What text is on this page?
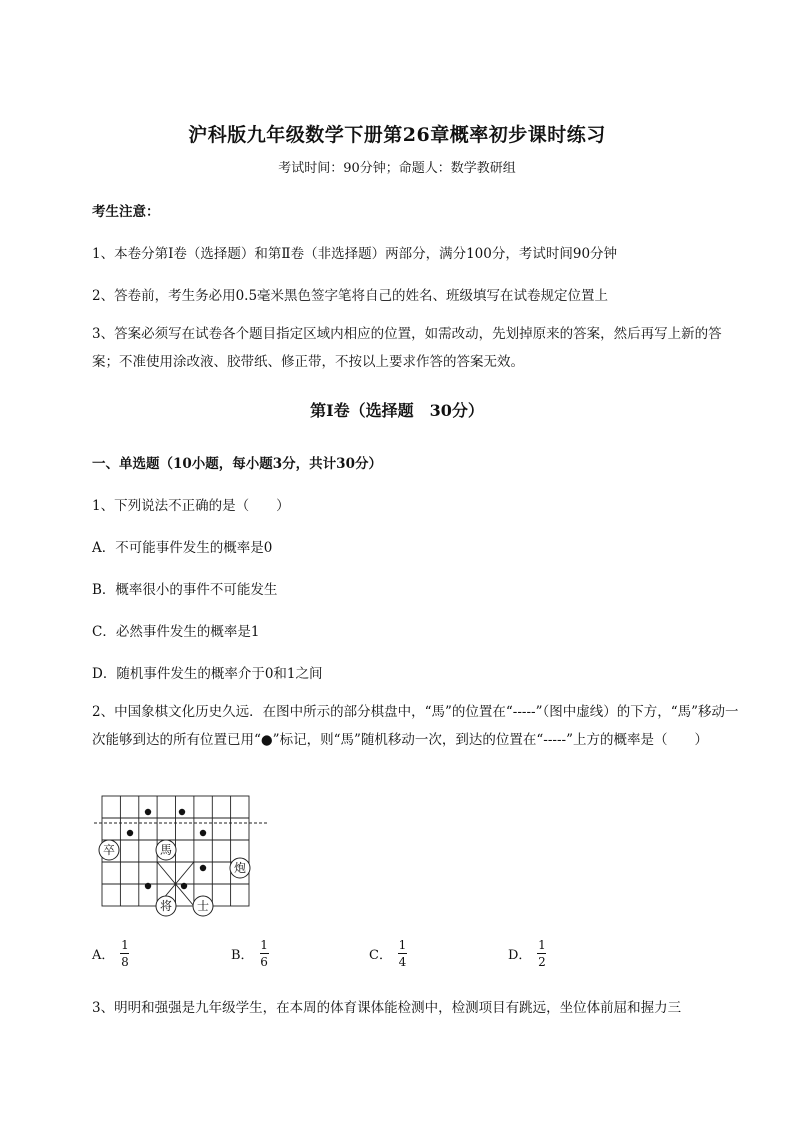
沪科版九年级数学下册第26章概率初步课时练习
考试时间：90分钟；命题人：数学教研组
考生注意：
1、本卷分第Ⅰ卷（选择题）和第Ⅱ卷（非选择题）两部分，满分100分，考试时间90分钟
2、答卷前，考生务必用0.5毫米黑色签字笔将自己的姓名、班级填写在试卷规定位置上
3、答案必须写在试卷各个题目指定区域内相应的位置，如需改动，先划掉原来的答案，然后再写上新的答案；不准使用涂改液、胶带纸、修正带，不按以上要求作答的答案无效。
第Ⅰ卷（选择题　30分）
一、单选题（10小题，每小题3分，共计30分）
1、下列说法不正确的是（　　）
A．不可能事件发生的概率是0
B．概率很小的事件不可能发生
C．必然事件发生的概率是1
D．随机事件发生的概率介于0和1之间
2、中国象棋文化历史久远．在图中所示的部分棋盘中，“馬”的位置在“-----”（图中虚线）的下方，“馬”移动一次能够到达的所有位置已用“●”标记，则“馬”随机移动一次，到达的位置在“-----”上方的概率是（　　）
卒	馬
炮
将 士
A． $\frac{1}{8}$	B． $\frac{1}{6}$	C． $\frac{1}{4}$	D． $\frac{1}{2}$
3、明明和强强是九年级学生，在本周的体育课体能检测中，检测项目有跳远，坐位体前屈和握力三
